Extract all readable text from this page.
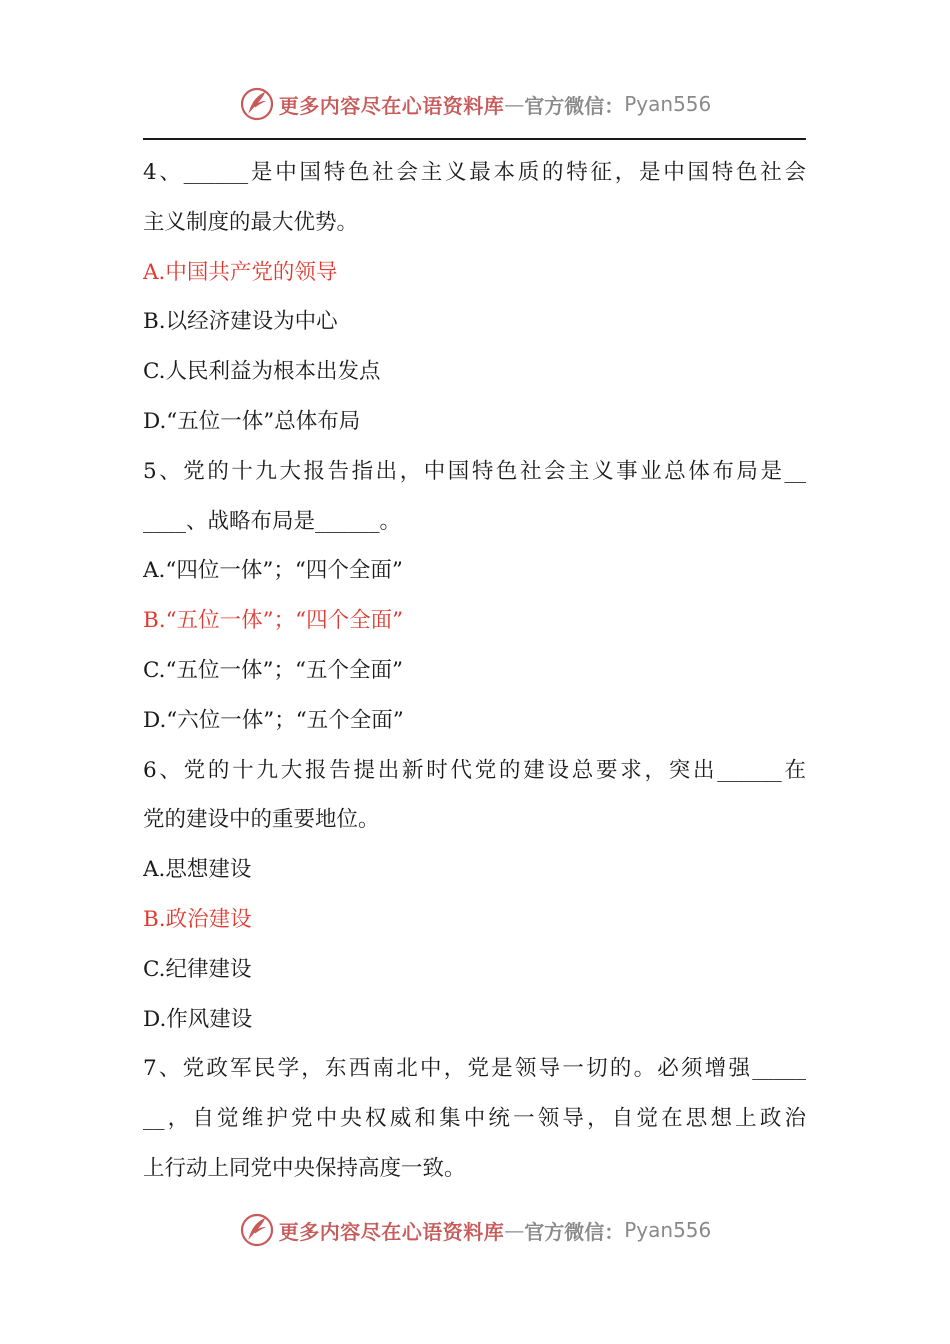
更多内容尽在心语资料库 — 官方微信： Pyan556
4、______是中国特色社会主义最本质的特征，是中国特色社会
主义制度的最大优势。
A.中国共产党的领导
B.以经济建设为中心
C.人民利益为根本出发点
D.“五位一体”总体布局
5、党的十九大报告指出，中国特色社会主义事业总体布局是__
____、战略布局是______。
A.“四位一体”；“四个全面”
B.“五位一体”；“四个全面”
C.“五位一体”；“五个全面”
D.“六位一体”；“五个全面”
6、党的十九大报告提出新时代党的建设总要求，突出______在
党的建设中的重要地位。
A.思想建设
B.政治建设
C.纪律建设
D.作风建设
7、党政军民学，东西南北中，党是领导一切的。必须增强_____
__，自觉维护党中央权威和集中统一领导，自觉在思想上政治
上行动上同党中央保持高度一致。
更多内容尽在心语资料库 — 官方微信： Pyan556
